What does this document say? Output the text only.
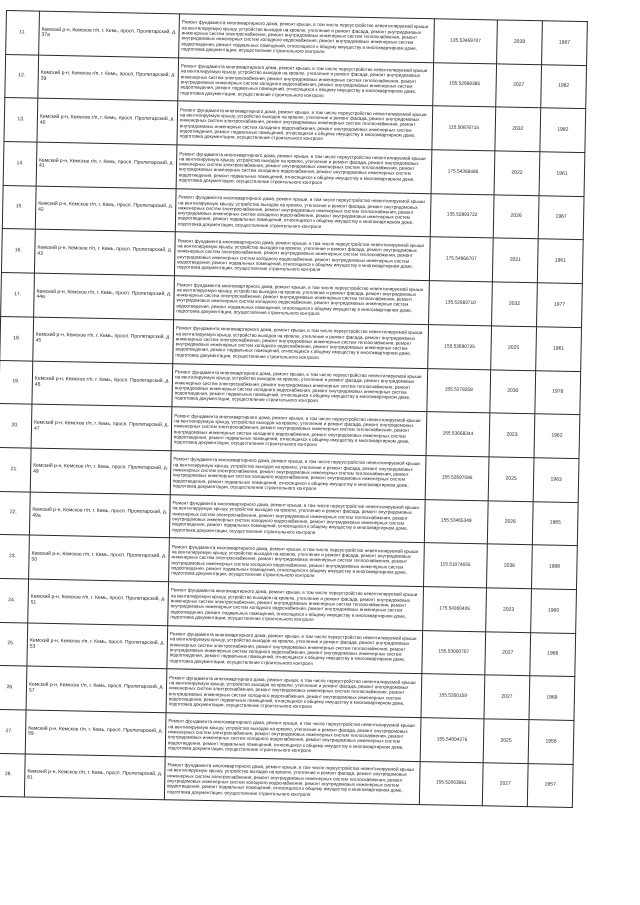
11.	Кемский р-н, Кемское г/п, г. Кемь, просп. Пролетарский, д. 37а	Ремонт фундамента многоквартирного дома, ремонт крыши, в том числе переустройство невентилируемой крыши на вентилируемую крышу, устройство выходов на кровлю, утепление и ремонт фасада, ремонт внутридомовых инженерных систем электроснабжения, ремонт внутридомовых инженерных систем теплоснабжения, ремонт внутридомовых инженерных систем холодного водоснабжения, ремонт внутридомовых инженерных систем водоотведения, ремонт подвальных помещений, относящихся к общему имуществу в многоквартирном доме, подготовка документации, осуществление строительного контроля	135.53469707	2028	1967
12.	Кемский р-н, Кемское г/п, г. Кемь, просп. Пролетарский, д. 39	Ремонт фундамента многоквартирного дома, ремонт крыши, в том числе переустройство невентилируемой крыши на вентилируемую крышу, устройство выходов на кровлю, утепление и ремонт фасада, ремонт внутридомовых инженерных систем электроснабжения, ремонт внутридомовых инженерных систем теплоснабжения, ремонт внутридомовых инженерных систем холодного водоснабжения, ремонт внутридомовых инженерных систем водоотведения, ремонт подвальных помещений, относящихся к общему имуществу в многоквартирном доме, подготовка документации, осуществление строительного контроля	155.52668385	2027	1982
13.	Кемский р-н, Кемское г/п, г. Кемь, просп. Пролетарский, д. 40	Ремонт фундамента многоквартирного дома, ремонт крыши, в том числе переустройство невентилируемой крыши на вентилируемую крышу, устройство выходов на кровлю, утепление и ремонт фасада, ремонт внутридомовых инженерных систем электроснабжения, ремонт внутридомовых инженерных систем теплоснабжения, ремонт внутридомовых инженерных систем холодного водоснабжения, ремонт внутридомовых инженерных систем водоотведения, ремонт подвальных помещений, относящихся к общему имуществу в многоквартирном доме, подготовка документации, осуществление строительного контроля	115.50878715	2032	1982
14.	Кемский р-н, Кемское г/п, г. Кемь, просп. Пролетарский, д. 41	Ремонт фундамента многоквартирного дома, ремонт крыши, в том числе переустройство невентилируемой крыши на вентилируемую крышу, устройство выходов на кровлю, утепление и ремонт фасада, ремонт внутридомовых инженерных систем электроснабжения, ремонт внутридомовых инженерных систем теплоснабжения, ремонт внутридомовых инженерных систем холодного водоснабжения, ремонт внутридомовых инженерных систем водоотведения, ремонт подвальных помещений, относящихся к общему имуществу в многоквартирном доме, подготовка документации, осуществление строительного контроля	175.54368485	2022	1961
15.	Кемский р-н, Кемское г/п, г. Кемь, просп. Пролетарский, д. 42	Ремонт фундамента многоквартирного дома, ремонт крыши, в том числе переустройство невентилируемой крыши на вентилируемую крышу, устройство выходов на кровлю, утепление и ремонт фасада, ремонт внутридомовых инженерных систем электроснабжения, ремонт внутридомовых инженерных систем теплоснабжения, ремонт внутридомовых инженерных систем холодного водоснабжения, ремонт внутридомовых инженерных систем водоотведения, ремонт подвальных помещений, относящихся к общему имуществу в многоквартирном доме, подготовка документации, осуществление строительного контроля	135.52893722	2026	1967
16.	Кемский р-н, Кемское г/п, г. Кемь, просп. Пролетарский, д. 43	Ремонт фундамента многоквартирного дома, ремонт крыши, в том числе переустройство невентилируемой крыши на вентилируемую крышу, устройство выходов на кровлю, утепление и ремонт фасада, ремонт внутридомовых инженерных систем электроснабжения, ремонт внутридомовых инженерных систем теплоснабжения, ремонт внутридомовых инженерных систем холодного водоснабжения, ремонт внутридомовых инженерных систем водоотведения, ремонт подвальных помещений, относящихся к общему имуществу в многоквартирном доме, подготовка документации, осуществление строительного контроля	175.54966707	2021	1961
17.	Кемский р-н, Кемское г/п, г. Кемь, просп. Пролетарский, д. 44а	Ремонт фундамента многоквартирного дома, ремонт крыши, в том числе переустройство невентилируемой крыши на вентилируемую крышу, устройство выходов на кровлю, утепление и ремонт фасада, ремонт внутридомовых инженерных систем электроснабжения, ремонт внутридомовых инженерных систем теплоснабжения, ремонт внутридомовых инженерных систем холодного водоснабжения, ремонт внутридомовых инженерных систем водоотведения, ремонт подвальных помещений, относящихся к общему имуществу в многоквартирном доме, подготовка документации, осуществление строительного контроля	135.52083710	2032	1977
18.	Кемский р-н, Кемское г/п, г. Кемь, просп. Пролетарский, д. 45	Ремонт фундамента многоквартирного дома, ремонт крыши, в том числе переустройство невентилируемой крыши на вентилируемую крышу, устройство выходов на кровлю, утепление и ремонт фасада, ремонт внутридомовых инженерных систем электроснабжения, ремонт внутридомовых инженерных систем теплоснабжения, ремонт внутридомовых инженерных систем холодного водоснабжения, ремонт внутридомовых инженерных систем водоотведения, ремонт подвальных помещений, относящихся к общему имуществу в многоквартирном доме, подготовка документации, осуществление строительного контроля	155.53690725	2025	1961
19.	Кемский р-н, Кемское г/п, г. Кемь, просп. Пролетарский, д. 46	Ремонт фундамента многоквартирного дома, ремонт крыши, в том числе переустройство невентилируемой крыши на вентилируемую крышу, устройство выходов на кровлю, утепление и ремонт фасада, ремонт внутридомовых инженерных систем электроснабжения, ремонт внутридомовых инженерных систем теплоснабжения, ремонт внутридомовых инженерных систем холодного водоснабжения, ремонт внутридомовых инженерных систем водоотведения, ремонт подвальных помещений, относящихся к общему имуществу в многоквартирном доме, подготовка документации, осуществление строительного контроля	155.5278258	2030	1978
20.	Кемский р-н, Кемское г/п, г. Кемь, просп. Пролетарский, д. 47	Ремонт фундамента многоквартирного дома, ремонт крыши, в том числе переустройство невентилируемой крыши на вентилируемую крышу, устройство выходов на кровлю, утепление и ремонт фасада, ремонт внутридомовых инженерных систем электроснабжения, ремонт внутридомовых инженерных систем теплоснабжения, ремонт внутридомовых инженерных систем холодного водоснабжения, ремонт внутридомовых инженерных систем водоотведения, ремонт подвальных помещений, относящихся к общему имуществу в многоквартирном доме, подготовка документации, осуществление строительного контроля	155.53668344	2023	1962
21.	Кемский р-н, Кемское г/п, г. Кемь, просп. Пролетарский, д. 49	Ремонт фундамента многоквартирного дома, ремонт крыши, в том числе переустройство невентилируемой крыши на вентилируемую крышу, устройство выходов на кровлю, утепление и ремонт фасада, ремонт внутридомовых инженерных систем электроснабжения, ремонт внутридомовых инженерных систем теплоснабжения, ремонт внутридомовых инженерных систем холодного водоснабжения, ремонт внутридомовых инженерных систем водоотведения, ремонт подвальных помещений, относящихся к общему имуществу в многоквартирном доме, подготовка документации, осуществление строительного контроля	155.52697595	2025	1963
22.	Кемский р-н, Кемское г/п, г. Кемь, просп. Пролетарский, д. 49а	Ремонт фундамента многоквартирного дома, ремонт крыши, в том числе переустройство невентилируемой крыши на вентилируемую крышу, устройство выходов на кровлю, утепление и ремонт фасада, ремонт внутридомовых инженерных систем электроснабжения, ремонт внутридомовых инженерных систем теплоснабжения, ремонт внутридомовых инженерных систем холодного водоснабжения, ремонт внутридомовых инженерных систем водоотведения, ремонт подвальных помещений, относящихся к общему имуществу в многоквартирном доме, подготовка документации, осуществление строительного контроля	155.53465349	2026	1965
23.	Кемский р-н, Кемское г/п, г. Кемь, просп. Пролетарский, д. 50	Ремонт фундамента многоквартирного дома, ремонт крыши, в том числе переустройство невентилируемой крыши на вентилируемую крышу, устройство выходов на кровлю, утепление и ремонт фасада, ремонт внутридомовых инженерных систем электроснабжения, ремонт внутридомовых инженерных систем теплоснабжения, ремонт внутридомовых инженерных систем холодного водоснабжения, ремонт внутридомовых инженерных систем водоотведения, ремонт подвальных помещений, относящихся к общему имуществу в многоквартирном доме, подготовка документации, осуществление строительного контроля	115.51074655	2036	1988
24.	Кемский р-н, Кемское г/п, г. Кемь, просп. Пролетарский, д. 51	Ремонт фундамента многоквартирного дома, ремонт крыши, в том числе переустройство невентилируемой крыши на вентилируемую крышу, устройство выходов на кровлю, утепление и ремонт фасада, ремонт внутридомовых инженерных систем электроснабжения, ремонт внутридомовых инженерных систем теплоснабжения, ремонт внутридомовых инженерных систем холодного водоснабжения, ремонт внутридомовых инженерных систем водоотведения, ремонт подвальных помещений, относящихся к общему имуществу в многоквартирном доме, подготовка документации, осуществление строительного контроля	175.54300405	2023	1960
25.	Кемский р-н, Кемское г/п, г. Кемь, просп. Пролетарский, д. 53	Ремонт фундамента многоквартирного дома, ремонт крыши, в том числе переустройство невентилируемой крыши на вентилируемую крышу, устройство выходов на кровлю, утепление и ремонт фасада, ремонт внутридомовых инженерных систем электроснабжения, ремонт внутридомовых инженерных систем теплоснабжения, ремонт внутридомовых инженерных систем холодного водоснабжения, ремонт внутридомовых инженерных систем водоотведения, ремонт подвальных помещений, относящихся к общему имуществу в многоквартирном доме, подготовка документации, осуществление строительного контроля	155.53000707	2027	1966
26.	Кемский р-н, Кемское г/п, г. Кемь, просп. Пролетарский, д. 57	Ремонт фундамента многоквартирного дома, ремонт крыши, в том числе переустройство невентилируемой крыши на вентилируемую крышу, устройство выходов на кровлю, утепление и ремонт фасада, ремонт внутридомовых инженерных систем электроснабжения, ремонт внутридомовых инженерных систем теплоснабжения, ремонт внутридомовых инженерных систем холодного водоснабжения, ремонт внутридомовых инженерных систем водоотведения, ремонт подвальных помещений, относящихся к общему имуществу в многоквартирном доме, подготовка документации, осуществление строительного контроля	155.5260159	2027	1969
27.	Кемский р-н, Кемское г/п, г. Кемь, просп. Пролетарский, д. 59	Ремонт фундамента многоквартирного дома, ремонт крыши, в том числе переустройство невентилируемой крыши на вентилируемую крышу, устройство выходов на кровлю, утепление и ремонт фасада, ремонт внутридомовых инженерных систем электроснабжения, ремонт внутридомовых инженерных систем теплоснабжения, ремонт внутридомовых инженерных систем холодного водоснабжения, ремонт внутридомовых инженерных систем водоотведения, ремонт подвальных помещений, относящихся к общему имуществу в многоквартирном доме, подготовка документации, осуществление строительного контроля	155.54004276	2025	1956
28.	Кемский р-н, Кемское г/п, г. Кемь, просп. Пролетарский, д. 61	Ремонт фундамента многоквартирного дома, ремонт крыши, в том числе переустройство невентилируемой крыши на вентилируемую крышу, устройство выходов на кровлю, утепление и ремонт фасада, ремонт внутридомовых инженерных систем электроснабжения, ремонт внутридомовых инженерных систем теплоснабжения, ремонт внутридомовых инженерных систем холодного водоснабжения, ремонт внутридомовых инженерных систем водоотведения, ремонт подвальных помещений, относящихся к общему имуществу в многоквартирном доме, подготовка документации, осуществление строительного контроля	155.52063661	2027	1957
